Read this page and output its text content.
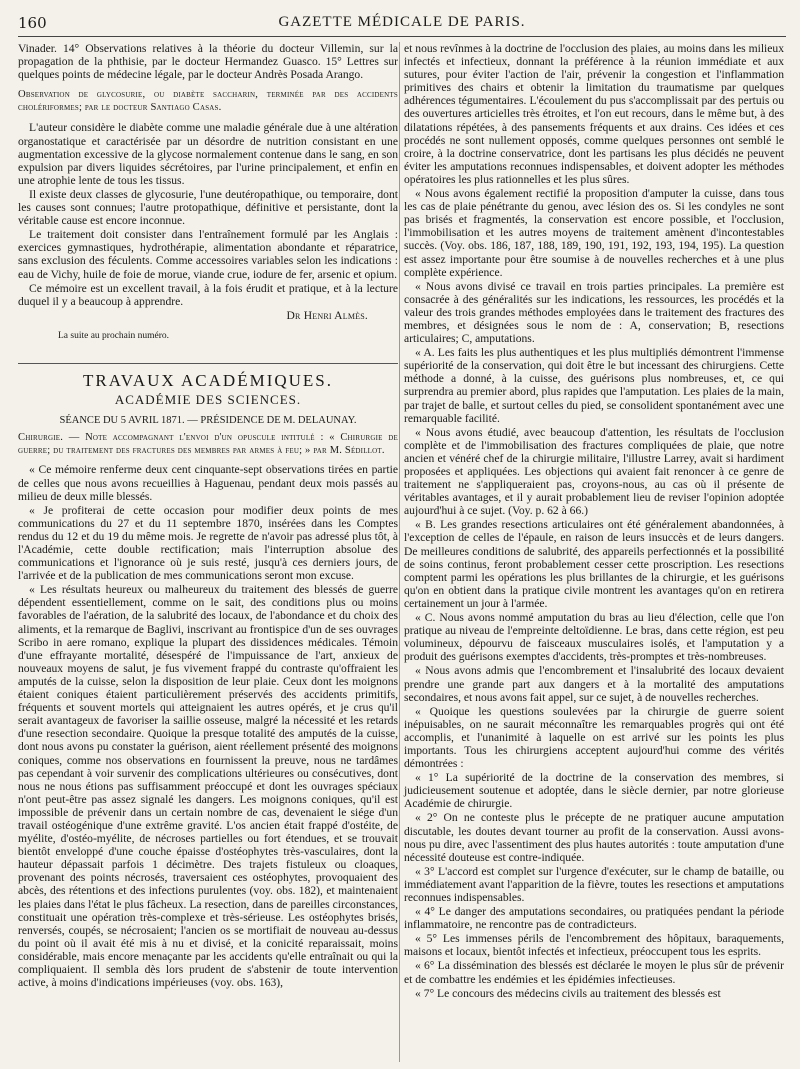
160	GAZETTE MÉDICALE DE PARIS.

Vinader. 14° Observations relatives à la théorie du docteur Villemin, sur la propagation de la phthisie, par le docteur Hermandez Guasco. 15° Lettres sur quelques points de médecine légale, par le docteur Andrès Posada Arango.

Observation de glycosurie, ou diabète saccharin, terminée par des accidents cholériformes; par le docteur Santiago Casas.

L'auteur considère le diabète comme une maladie générale due à une altération organostatique et caractérisée par un désordre de nutrition consistant en une augmentation excessive de la glycose normalement contenue dans le sang, en son expulsion par divers liquides sécrétoires, par l'urine principalement, et enfin en une atrophie lente de tous les tissus.

Il existe deux classes de glycosurie, l'une deutéropathique, ou temporaire, dont les causes sont connues; l'autre protopathique, définitive et persistante, dont la véritable cause est encore inconnue.

Le traitement doit consister dans l'entraînement formulé par les Anglais : exercices gymnastiques, hydrothérapie, alimentation abondante et réparatrice, sans exclusion des féculents. Comme accessoires variables selon les indications : eau de Vichy, huile de foie de morue, viande crue, iodure de fer, arsenic et opium.

Ce mémoire est un excellent travail, à la fois érudit et pratique, et à la lecture duquel il y a beaucoup à apprendre.

Dr Henri Almès.

La suite au prochain numéro.

TRAVAUX ACADÉMIQUES.
ACADÉMIE DES SCIENCES.
SÉANCE DU 5 AVRIL 1871. — PRÉSIDENCE DE M. DELAUNAY.

Chirurgie. — Note accompagnant l'envoi d'un opuscule intitulé : « Chirurgie de guerre; du traitement des fractures des membres par armes à feu; » par M. Sédillot.

« Ce mémoire renferme deux cent cinquante-sept observations tirées en partie de celles que nous avons recueillies à Haguenau, pendant deux mois passés au milieu de deux mille blessés.

« Je profiterai de cette occasion pour modifier deux points de mes communications du 27 et du 11 septembre 1870, insérées dans les Comptes rendus du 12 et du 19 du même mois. Je regrette de n'avoir pas adressé plus tôt, à l'Académie, cette double rectification; mais l'interruption absolue des communications et l'ignorance où je suis resté, jusqu'à ces derniers jours, de l'arrivée et de la publication de mes communications seront mon excuse.

« Les résultats heureux ou malheureux du traitement des blessés de guerre dépendent essentiellement, comme on le sait, des conditions plus ou moins favorables de l'aération, de la salubrité des locaux, de l'abondance et du choix des aliments, et la remarque de Baglivi, inscrivant au frontispice d'un de ses ouvrages Scribo in aere romano, explique la plupart des dissidences médicales. Témoin d'une effrayante mortalité, désespéré de l'impuissance de l'art, anxieux de nouveaux moyens de salut, je fus vivement frappé du contraste qu'offraient les amputés de la cuisse, selon la disposition de leur plaie. Ceux dont les moignons étaient coniques étaient particulièrement préservés des accidents primitifs, fréquents et souvent mortels qui atteignaient les autres opérés, et je crus qu'il serait avantageux de favoriser la saillie osseuse, malgré la nécessité et les retards d'une resection secondaire. Quoique la presque totalité des amputés de la cuisse, dont nous avons pu constater la guérison, aient réellement présenté des moignons coniques, comme nos observations en fournissent la preuve, nous ne tardâmes pas cependant à voir survenir des complications ultérieures ou consécutives, dont nous ne nous étions pas suffisamment préoccupé et dont les ouvrages spéciaux n'ont peut-être pas assez signalé les dangers. Les moignons coniques, qu'il est impossible de prévenir dans un certain nombre de cas, devenaient le siége d'un travail ostéogénique d'une extrême gravité. L'os ancien était frappé d'ostéite, de myélite, d'ostéo-myélite, de nécroses partielles ou fort étendues, et se trouvait bientôt enveloppé d'une couche épaisse d'ostéophytes très-vasculaires, dont la hauteur dépassait parfois 1 décimètre. Des trajets fistuleux ou cloaques, provenant des points nécrosés, traversaient ces ostéophytes, provoquaient des abcès, des rétentions et des infections purulentes (voy. obs. 182), et maintenaient les plaies dans l'état le plus fâcheux. La resection, dans de pareilles circonstances, constituait une opération très-complexe et très-sérieuse. Les ostéophytes brisés, renversés, coupés, se nécrosaient; l'ancien os se mortifiait de nouveau au-dessus du point où il avait été mis à nu et divisé, et la conicité reparaissait, moins considérable, mais encore menaçante par les accidents qu'elle entraînait ou qui la compliquaient. Il sembla dès lors prudent de s'abstenir de toute intervention active, à moins d'indications impérieuses (voy. obs. 163),

et nous revînmes à la doctrine de l'occlusion des plaies, au moins dans les milieux infectés et infectieux, donnant la préférence à la réunion immédiate et aux sutures, pour éviter l'action de l'air, prévenir la congestion et l'inflammation primitives des chairs et obtenir la limitation du traumatisme par quelques adhérences tégumentaires. L'écoulement du pus s'accomplissait par des pertuis ou des ouvertures articielles très étroites, et l'on eut recours, dans le même but, à des dilatations répétées, à des pansements fréquents et aux drains. Ces idées et ces procédés ne sont nullement opposés, comme quelques personnes ont semblé le croire, à la doctrine conservatrice, dont les partisans les plus décidés ne peuvent éviter les amputations reconnues indispensables, et doivent adopter les méthodes opératoires les plus rationnelles et les plus sûres.

« Nous avons également rectifié la proposition d'amputer la cuisse, dans tous les cas de plaie pénétrante du genou, avec lésion des os. Si les condyles ne sont pas brisés et fragmentés, la conservation est encore possible, et l'occlusion, l'immobilisation et les autres moyens de traitement amènent d'incontestables succès. (Voy. obs. 186, 187, 188, 189, 190, 191, 192, 193, 194, 195). La question est assez importante pour être soumise à de nouvelles recherches et à une plus complète expérience.

« Nous avons divisé ce travail en trois parties principales. La première est consacrée à des généralités sur les indications, les ressources, les procédés et la valeur des trois grandes méthodes employées dans le traitement des fractures des membres, et désignées sous le nom de : A, conservation; B, resections articulaires; C, amputations.

« A. Les faits les plus authentiques et les plus multipliés démontrent l'immense supériorité de la conservation, qui doit être le but incessant des chirurgiens. Cette méthode a donné, à la cuisse, des guérisons plus nombreuses, et, ce qui surprendra au premier abord, plus rapides que l'amputation. Les plaies de la main, par trajet de balle, et surtout celles du pied, se consolident spontanément avec une remarquable facilité.

« Nous avons étudié, avec beaucoup d'attention, les résultats de l'occlusion complète et de l'immobilisation des fractures compliquées de plaie, que notre ancien et vénéré chef de la chirurgie militaire, l'illustre Larrey, avait si hardiment proposées et appliquées. Les objections qui avaient fait renoncer à ce genre de traitement ne s'appliqueraient pas, croyons-nous, au cas où il présente de véritables avantages, et il y aurait probablement lieu de reviser l'opinion adoptée aujourd'hui à ce sujet. (Voy. p. 62 à 66.)

« B. Les grandes resections articulaires ont été généralement abandonnées, à l'exception de celles de l'épaule, en raison de leurs insuccès et de leurs dangers. De meilleures conditions de salubrité, des appareils perfectionnés et la possibilité de soins continus, feront probablement cesser cette proscription. Les resections comptent parmi les opérations les plus brillantes de la chirurgie, et les guérisons qu'on en obtient dans la pratique civile montrent les avantages qu'on en retirera certainement un jour à l'armée.

« C. Nous avons nommé amputation du bras au lieu d'élection, celle que l'on pratique au niveau de l'empreinte deltoïdienne. Le bras, dans cette région, est peu volumineux, dépourvu de faisceaux musculaires isolés, et l'amputation y a produit des guérisons exemptes d'accidents, très-promptes et très-nombreuses.

« Nous avons admis que l'encombrement et l'insalubrité des locaux devaient prendre une grande part aux dangers et à la mortalité des amputations secondaires, et nous avons fait appel, sur ce sujet, à de nouvelles recherches.

« Quoique les questions soulevées par la chirurgie de guerre soient inépuisables, on ne saurait méconnaître les remarquables progrès qui ont été accomplis, et l'unanimité à laquelle on est arrivé sur les points les plus importants. Tous les chirurgiens acceptent aujourd'hui comme des vérités démontrées :

« 1° La supériorité de la doctrine de la conservation des membres, si judicieusement soutenue et adoptée, dans le siècle dernier, par notre glorieuse Académie de chirurgie.

« 2° On ne conteste plus le précepte de ne pratiquer aucune amputation discutable, les doutes devant tourner au profit de la conservation. Aussi avons-nous pu dire, avec l'assentiment des plus hautes autorités : toute amputation d'une nécessité douteuse est contre-indiquée.

« 3° L'accord est complet sur l'urgence d'exécuter, sur le champ de bataille, ou immédiatement avant l'apparition de la fièvre, toutes les resections et amputations reconnues indispensables.

« 4° Le danger des amputations secondaires, ou pratiquées pendant la période inflammatoire, ne rencontre pas de contradicteurs.

« 5° Les immenses périls de l'encombrement des hôpitaux, baraquements, maisons et locaux, bientôt infectés et infectieux, préoccupent tous les esprits.

« 6° La dissémination des blessés est déclarée le moyen le plus sûr de prévenir et de combattre les endémies et les épidémies infectieuses.

« 7° Le concours des médecins civils au traitement des blessés est
